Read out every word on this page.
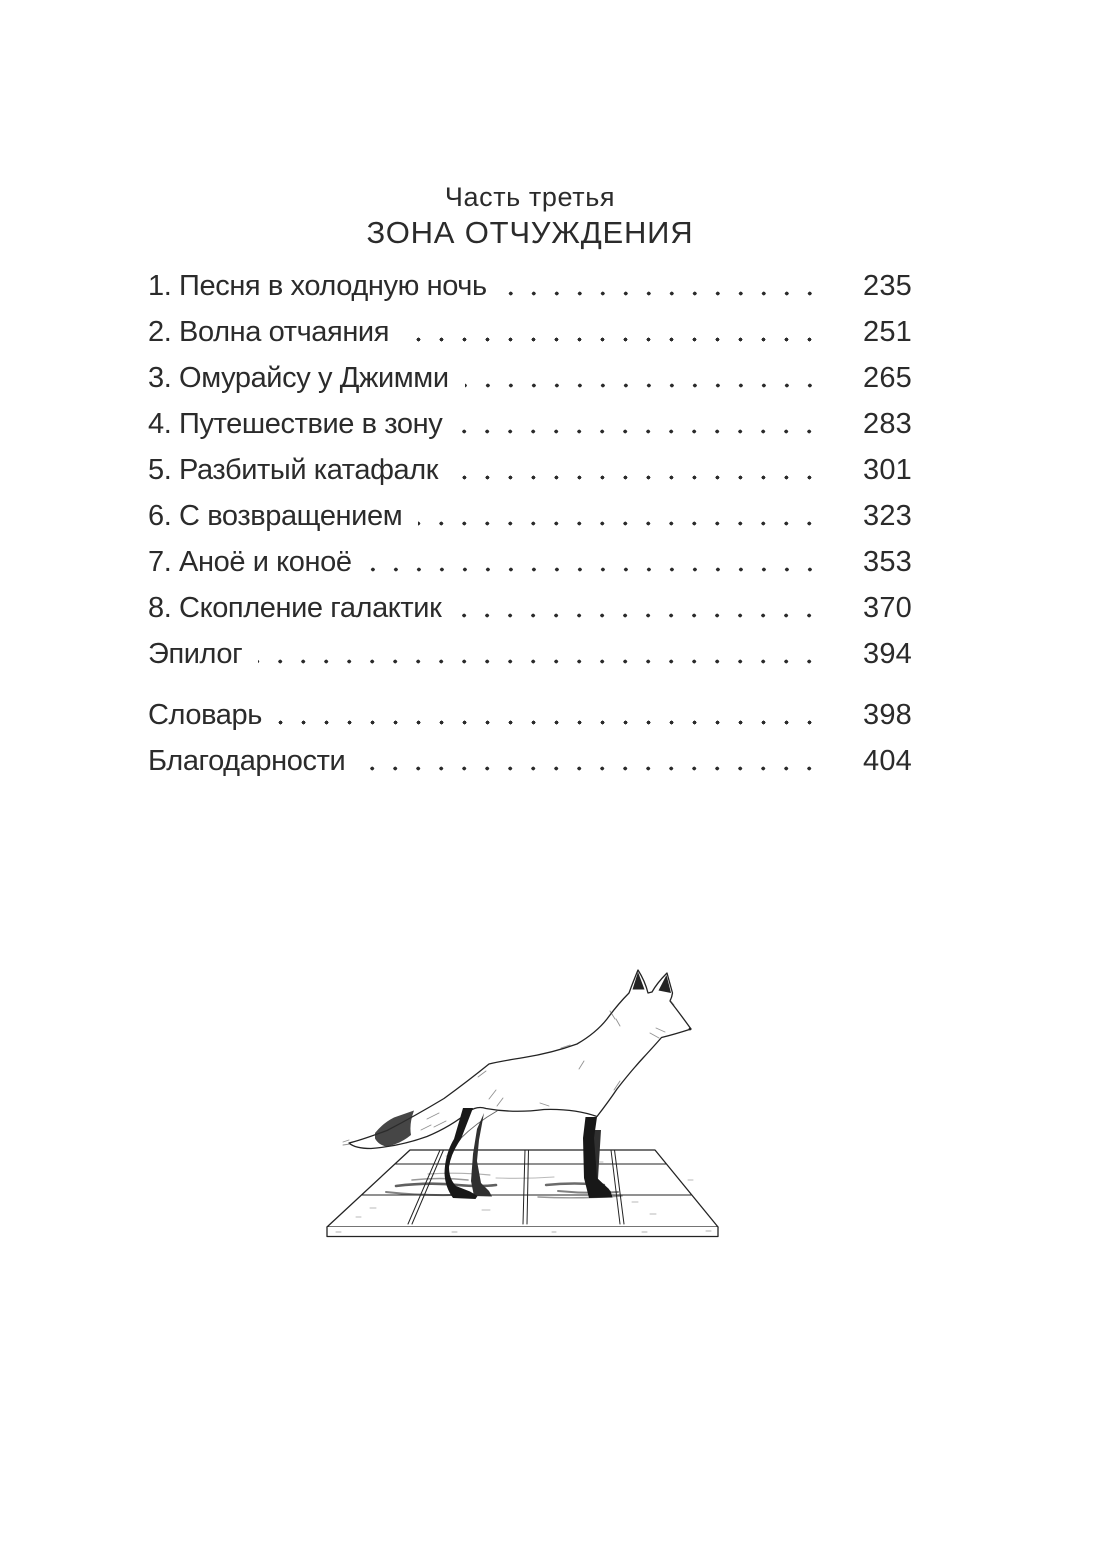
Часть третья
ЗОНА ОТЧУЖДЕНИЯ
1. Песня в холодную ночь	235
2. Волна отчаяния	251
3. Омурайсу у Джимми	265
4. Путешествие в зону	283
5. Разбитый катафалк	301
6. С возвращением	323
7. Аноё и коноё	353
8. Скопление галактик	370
Эпилог	394
Словарь	398
Благодарности	404
